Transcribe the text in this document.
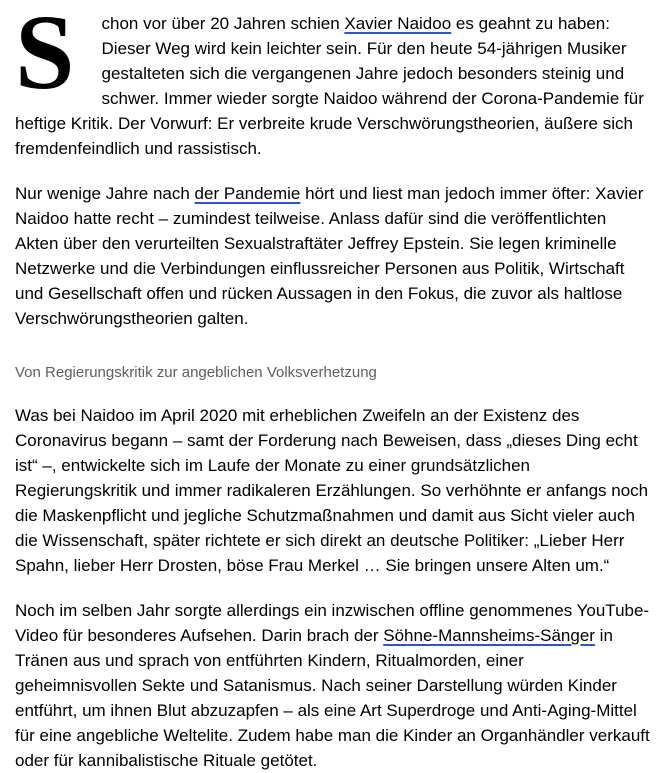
S chon vor über 20 Jahren schien Xavier Naidoo es geahnt zu haben: Dieser Weg wird kein leichter sein. Für den heute 54-jährigen Musiker gestalteten sich die vergangenen Jahre jedoch besonders steinig und schwer. Immer wieder sorgte Naidoo während der Corona-Pandemie für heftige Kritik. Der Vorwurf: Er verbreite krude Verschwörungstheorien, äußere sich fremdenfeindlich und rassistisch.

Nur wenige Jahre nach der Pandemie hört und liest man jedoch immer öfter: Xavier Naidoo hatte recht – zumindest teilweise. Anlass dafür sind die veröffentlichten Akten über den verurteilten Sexualstraftäter Jeffrey Epstein. Sie legen kriminelle Netzwerke und die Verbindungen einflussreicher Personen aus Politik, Wirtschaft und Gesellschaft offen und rücken Aussagen in den Fokus, die zuvor als haltlose Verschwörungstheorien galten.

Von Regierungskritik zur angeblichen Volksverhetzung

Was bei Naidoo im April 2020 mit erheblichen Zweifeln an der Existenz des Coronavirus begann – samt der Forderung nach Beweisen, dass „dieses Ding echt ist“ –, entwickelte sich im Laufe der Monate zu einer grundsätzlichen Regierungskritik und immer radikaleren Erzählungen. So verhöhnte er anfangs noch die Maskenpflicht und jegliche Schutzmaßnahmen und damit aus Sicht vieler auch die Wissenschaft, später richtete er sich direkt an deutsche Politiker: „Lieber Herr Spahn, lieber Herr Drosten, böse Frau Merkel … Sie bringen unsere Alten um.“

Noch im selben Jahr sorgte allerdings ein inzwischen offline genommenes YouTube-Video für besonderes Aufsehen. Darin brach der Söhne-Mannsheims-Sänger in Tränen aus und sprach von entführten Kindern, Ritualmorden, einer geheimnisvollen Sekte und Satanismus. Nach seiner Darstellung würden Kinder entführt, um ihnen Blut abzuzapfen – als eine Art Superdroge und Anti-Aging-Mittel für eine angebliche Weltelite. Zudem habe man die Kinder an Organhändler verkauft oder für kannibalistische Rituale getötet.
